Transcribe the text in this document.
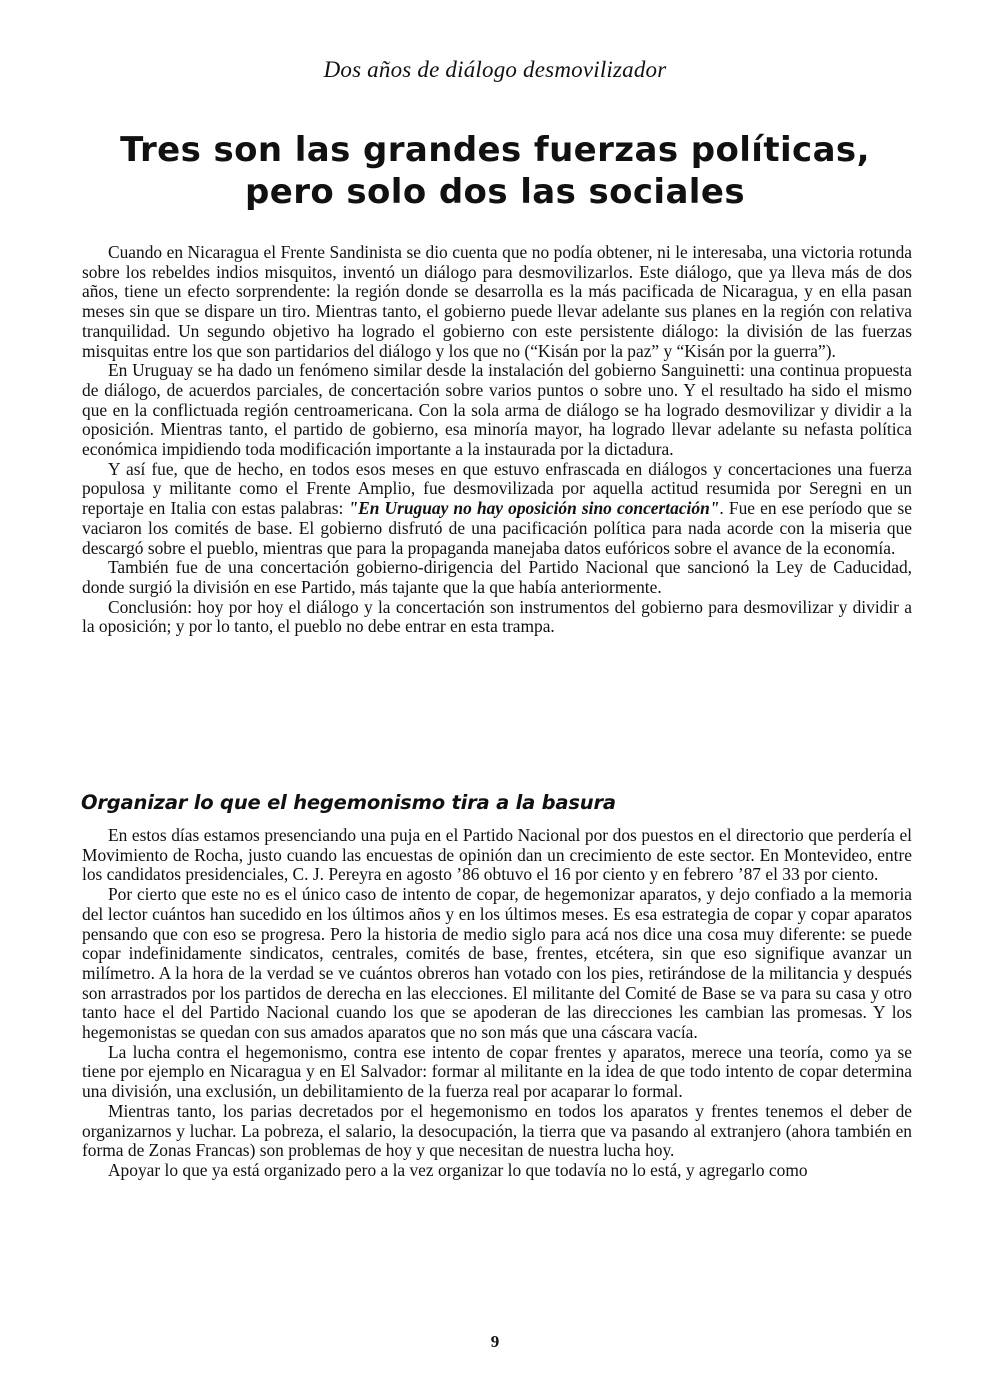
Dos años de diálogo desmovilizador
Tres son las grandes fuerzas políticas,
pero solo dos las sociales

Cuando en Nicaragua el Frente Sandinista se dio cuenta que no podía obtener, ni le interesaba, una victoria rotunda sobre los rebeldes indios misquitos, inventó un diálogo para desmovilizarlos. Este diálogo, que ya lleva más de dos años, tiene un efecto sorprendente: la región donde se desarrolla es la más pacificada de Nicaragua, y en ella pasan meses sin que se dispare un tiro. Mientras tanto, el gobierno puede llevar adelante sus planes en la región con relativa tranquilidad. Un segundo objetivo ha logrado el gobierno con este persistente diálogo: la división de las fuerzas misquitas entre los que son partidarios del diálogo y los que no (“Kisán por la paz” y “Kisán por la guerra”).

En Uruguay se ha dado un fenómeno similar desde la instalación del gobierno Sanguinetti: una continua propuesta de diálogo, de acuerdos parciales, de concertación sobre varios puntos o sobre uno. Y el resultado ha sido el mismo que en la conflictuada región centroamericana. Con la sola arma de diálogo se ha logrado desmovilizar y dividir a la oposición. Mientras tanto, el partido de gobierno, esa minoría mayor, ha logrado llevar adelante su nefasta política económica impidiendo toda modificación importante a la instaurada por la dictadura.

Y así fue, que de hecho, en todos esos meses en que estuvo enfrascada en diálogos y concertaciones una fuerza populosa y militante como el Frente Amplio, fue desmovilizada por aquella actitud resumida por Seregni en un reportaje en Italia con estas palabras: "En Uruguay no hay oposición sino concertación". Fue en ese período que se vaciaron los comités de base. El gobierno disfrutó de una pacificación política para nada acorde con la miseria que descargó sobre el pueblo, mientras que para la propaganda manejaba datos eufóricos sobre el avance de la economía.

También fue de una concertación gobierno-dirigencia del Partido Nacional que sancionó la Ley de Caducidad, donde surgió la división en ese Partido, más tajante que la que había anteriormente.

Conclusión: hoy por hoy el diálogo y la concertación son instrumentos del gobierno para desmovilizar y dividir a la oposición; y por lo tanto, el pueblo no debe entrar en esta trampa.

Organizar lo que el hegemonismo tira a la basura

En estos días estamos presenciando una puja en el Partido Nacional por dos puestos en el directorio que perdería el Movimiento de Rocha, justo cuando las encuestas de opinión dan un crecimiento de este sector. En Montevideo, entre los candidatos presidenciales, C. J. Pereyra en agosto ’86 obtuvo el 16 por ciento y en febrero ’87 el 33 por ciento.

Por cierto que este no es el único caso de intento de copar, de hegemonizar aparatos, y dejo confiado a la memoria del lector cuántos han sucedido en los últimos años y en los últimos meses. Es esa estrategia de copar y copar aparatos pensando que con eso se progresa. Pero la historia de medio siglo para acá nos dice una cosa muy diferente: se puede copar indefinidamente sindicatos, centrales, comités de base, frentes, etcétera, sin que eso signifique avanzar un milímetro. A la hora de la verdad se ve cuántos obreros han votado con los pies, retirándose de la militancia y después son arrastrados por los partidos de derecha en las elecciones. El militante del Comité de Base se va para su casa y otro tanto hace el del Partido Nacional cuando los que se apoderan de las direcciones les cambian las promesas. Y los hegemonistas se quedan con sus amados aparatos que no son más que una cáscara vacía.

La lucha contra el hegemonismo, contra ese intento de copar frentes y aparatos, merece una teoría, como ya se tiene por ejemplo en Nicaragua y en El Salvador: formar al militante en la idea de que todo intento de copar determina una división, una exclusión, un debilitamiento de la fuerza real por acaparar lo formal.

Mientras tanto, los parias decretados por el hegemonismo en todos los aparatos y frentes tenemos el deber de organizarnos y luchar. La pobreza, el salario, la desocupación, la tierra que va pasando al extranjero (ahora también en forma de Zonas Francas) son problemas de hoy y que necesitan de nuestra lucha hoy.

Apoyar lo que ya está organizado pero a la vez organizar lo que todavía no lo está, y agregarlo como

9
